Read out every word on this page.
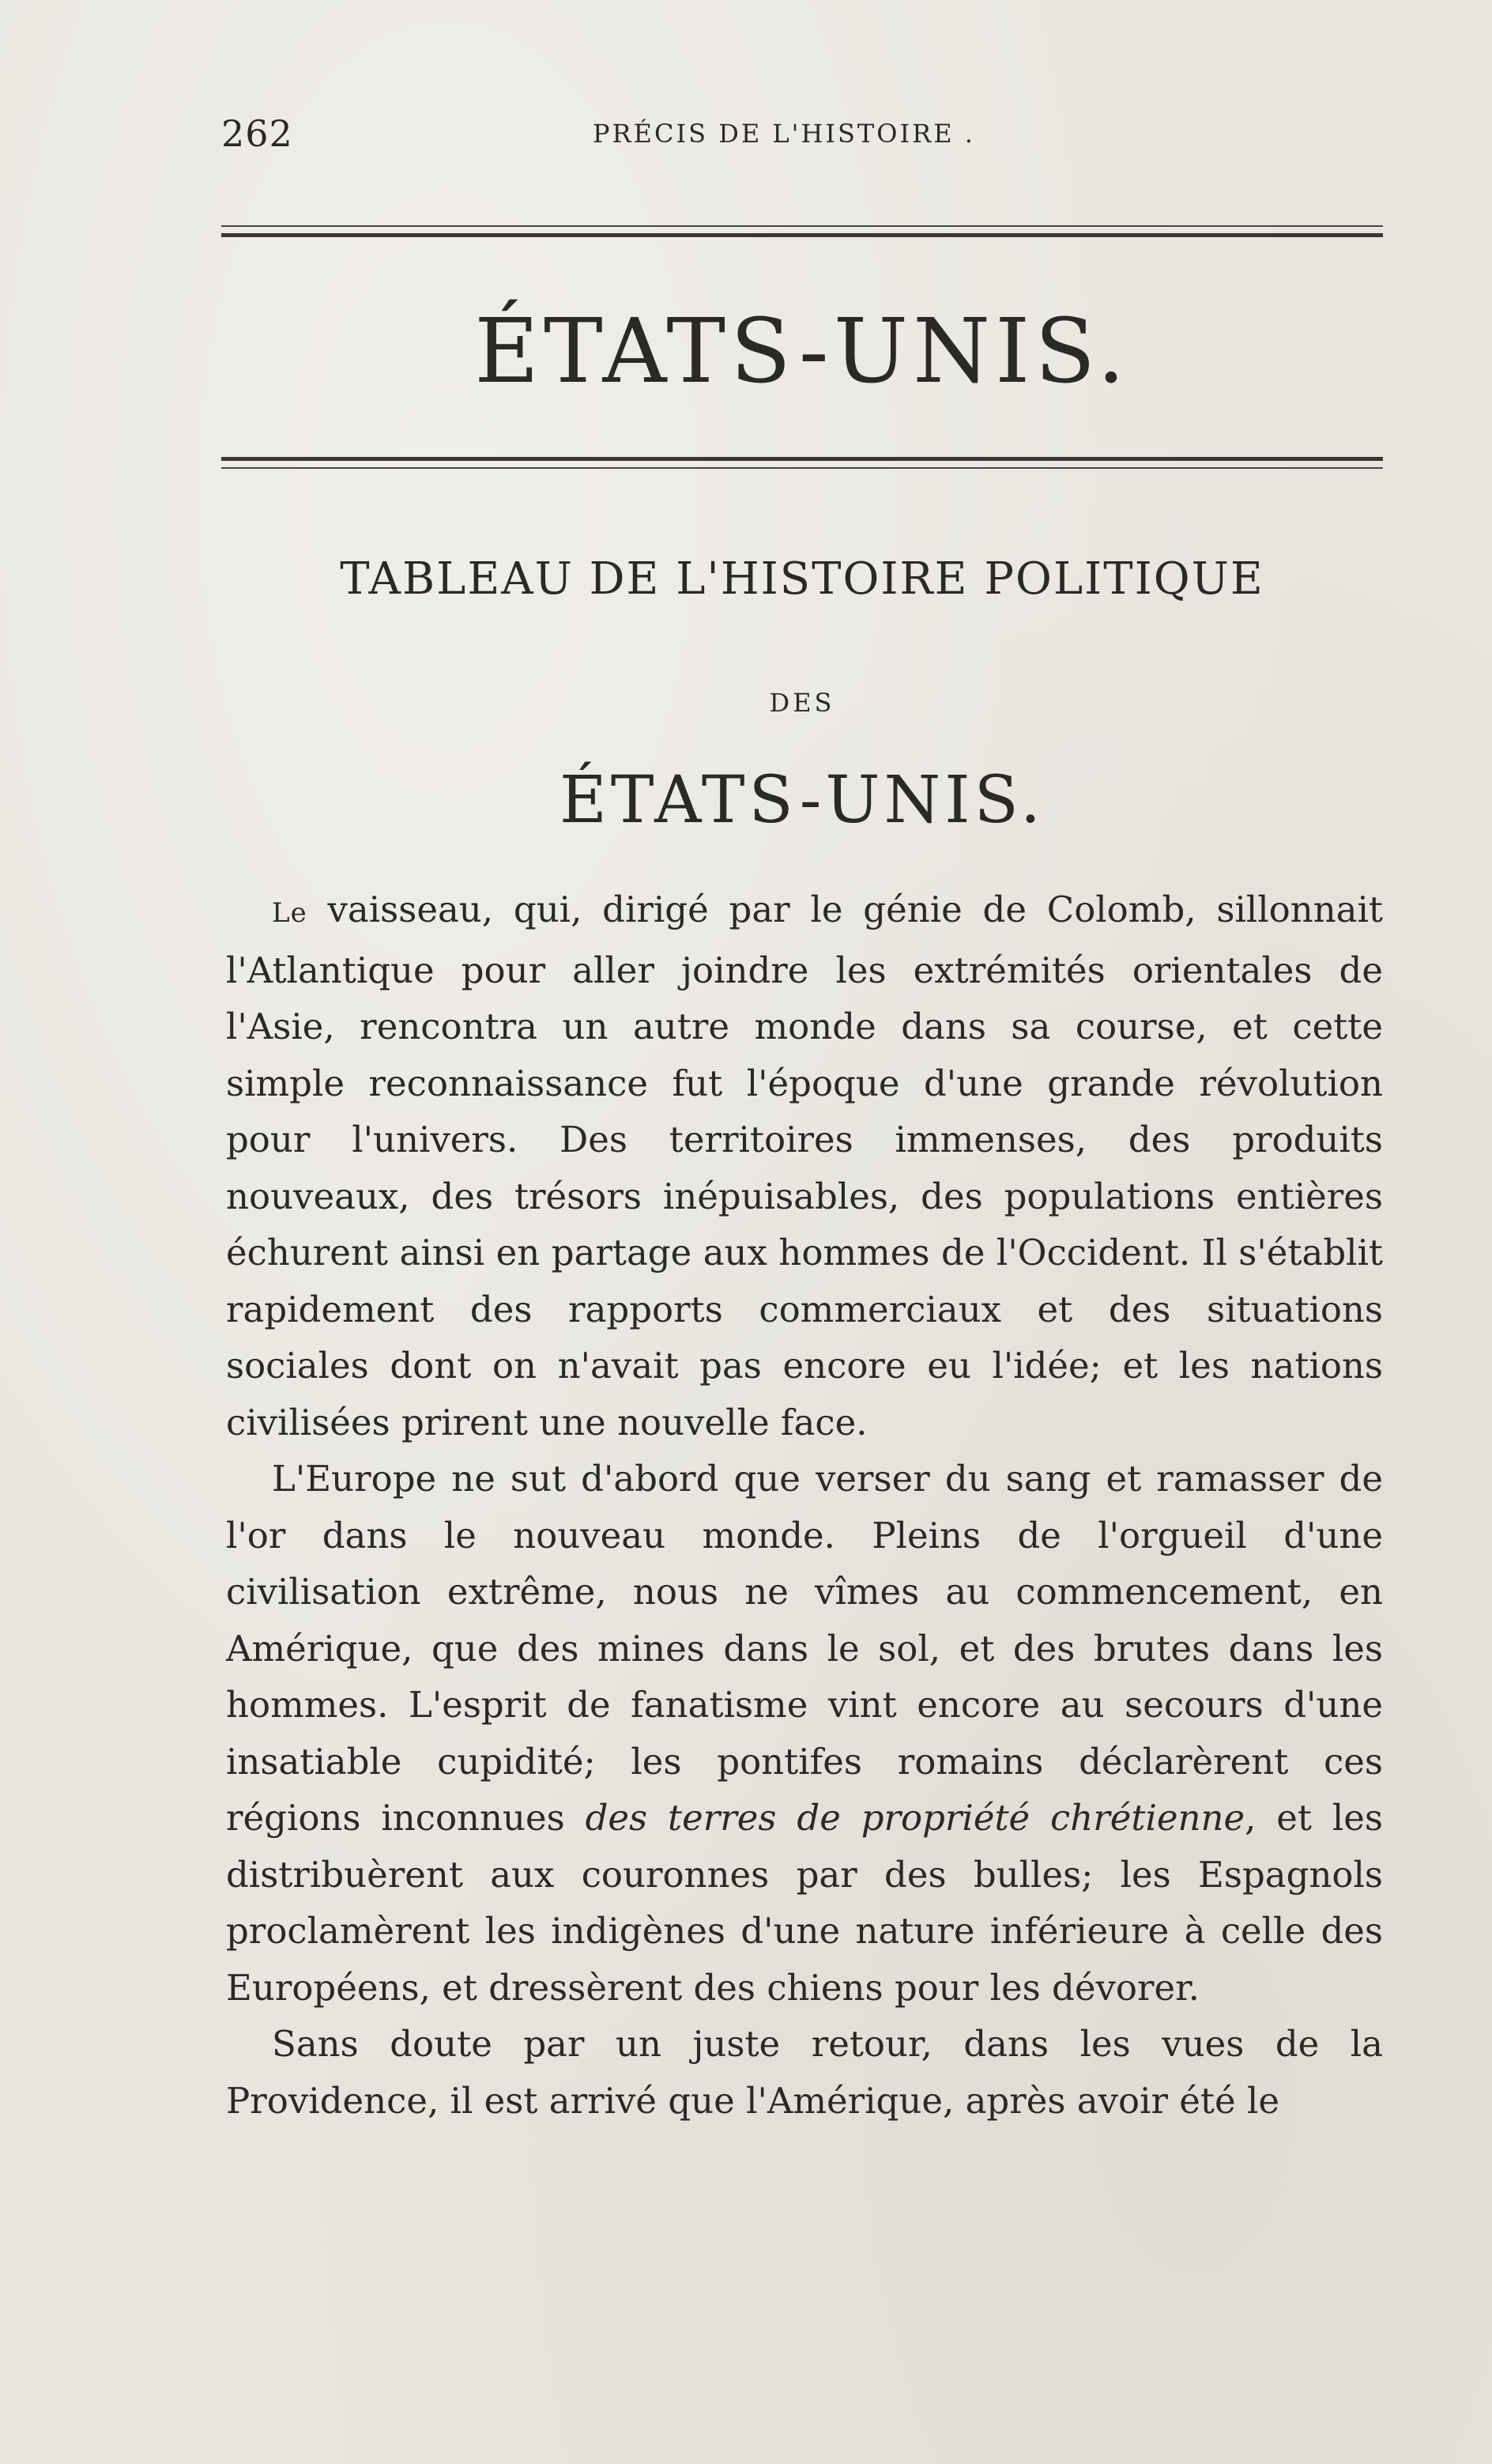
262	PRÉCIS DE L'HISTOIRE .
ÉTATS-UNIS.
TABLEAU DE L'HISTOIRE POLITIQUE
DES
ÉTATS-UNIS.

Le vaisseau, qui, dirigé par le génie de Colomb, sillonnait l'Atlantique pour aller joindre les extrémités orientales de l'Asie, rencontra un autre monde dans sa course, et cette simple reconnaissance fut l'époque d'une grande révolution pour l'univers. Des territoires immenses, des produits nouveaux, des trésors inépuisables, des populations entières échurent ainsi en partage aux hommes de l'Occident. Il s'établit rapidement des rapports commerciaux et des situations sociales dont on n'avait pas encore eu l'idée; et les nations civilisées prirent une nouvelle face.

L'Europe ne sut d'abord que verser du sang et ramasser de l'or dans le nouveau monde. Pleins de l'orgueil d'une civilisation extrême, nous ne vîmes au commencement, en Amérique, que des mines dans le sol, et des brutes dans les hommes. L'esprit de fanatisme vint encore au secours d'une insatiable cupidité; les pontifes romains déclarèrent ces régions inconnues des terres de propriété chrétienne, et les distribuèrent aux couronnes par des bulles; les Espagnols proclamèrent les indigènes d'une nature inférieure à celle des Européens, et dressèrent des chiens pour les dévorer.

Sans doute par un juste retour, dans les vues de la Providence, il est arrivé que l'Amérique, après avoir été le
